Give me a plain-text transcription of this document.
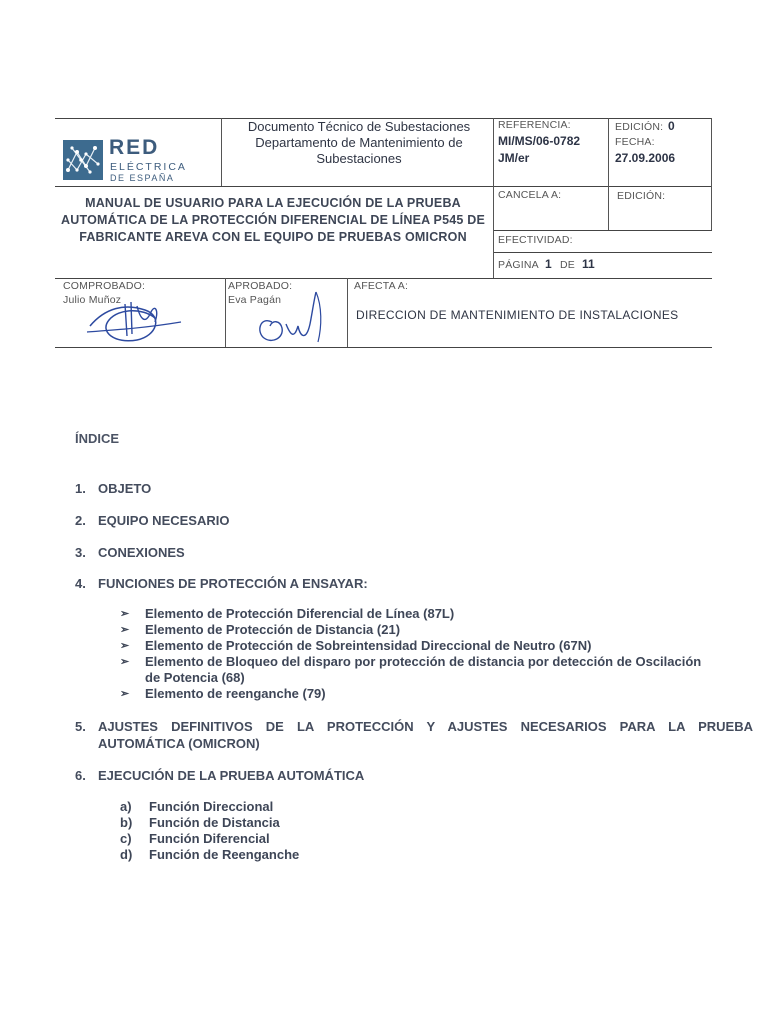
RED
ELÉCTRICA
DE ESPAÑA
Documento Técnico de Subestaciones Departamento de Mantenimiento de Subestaciones
REFERENCIA:
MI/MS/06-0782
JM/er
EDICIÓN: 0
FECHA:
27.09.2006
MANUAL DE USUARIO PARA LA EJECUCIÓN DE LA PRUEBA AUTOMÁTICA DE LA PROTECCIÓN DIFERENCIAL DE LÍNEA P545 DE FABRICANTE AREVA CON EL EQUIPO DE PRUEBAS OMICRON
CANCELA A:	EDICIÓN:
EFECTIVIDAD:
PÁGINA 1 DE 11
COMPROBADO:
Julio Muñoz
APROBADO:
Eva Pagán
AFECTA A:
DIRECCION DE MANTENIMIENTO DE INSTALACIONES
ÍNDICE
1. OBJETO
2. EQUIPO NECESARIO
3. CONEXIONES
4. FUNCIONES DE PROTECCIÓN A ENSAYAR:
➢ Elemento de Protección Diferencial de Línea (87L)
➢ Elemento de Protección de Distancia (21)
➢ Elemento de Protección de Sobreintensidad Direccional de Neutro (67N)
➢ Elemento de Bloqueo del disparo por protección de distancia por detección de Oscilación
de Potencia (68)
➢ Elemento de reenganche (79)
5. AJUSTES DEFINITIVOS DE LA PROTECCIÓN Y AJUSTES NECESARIOS PARA LA PRUEBA
AUTOMÁTICA (OMICRON)
6. EJECUCIÓN DE LA PRUEBA AUTOMÁTICA
a) Función Direccional
b) Función de Distancia
c) Función Diferencial
d) Función de Reenganche
